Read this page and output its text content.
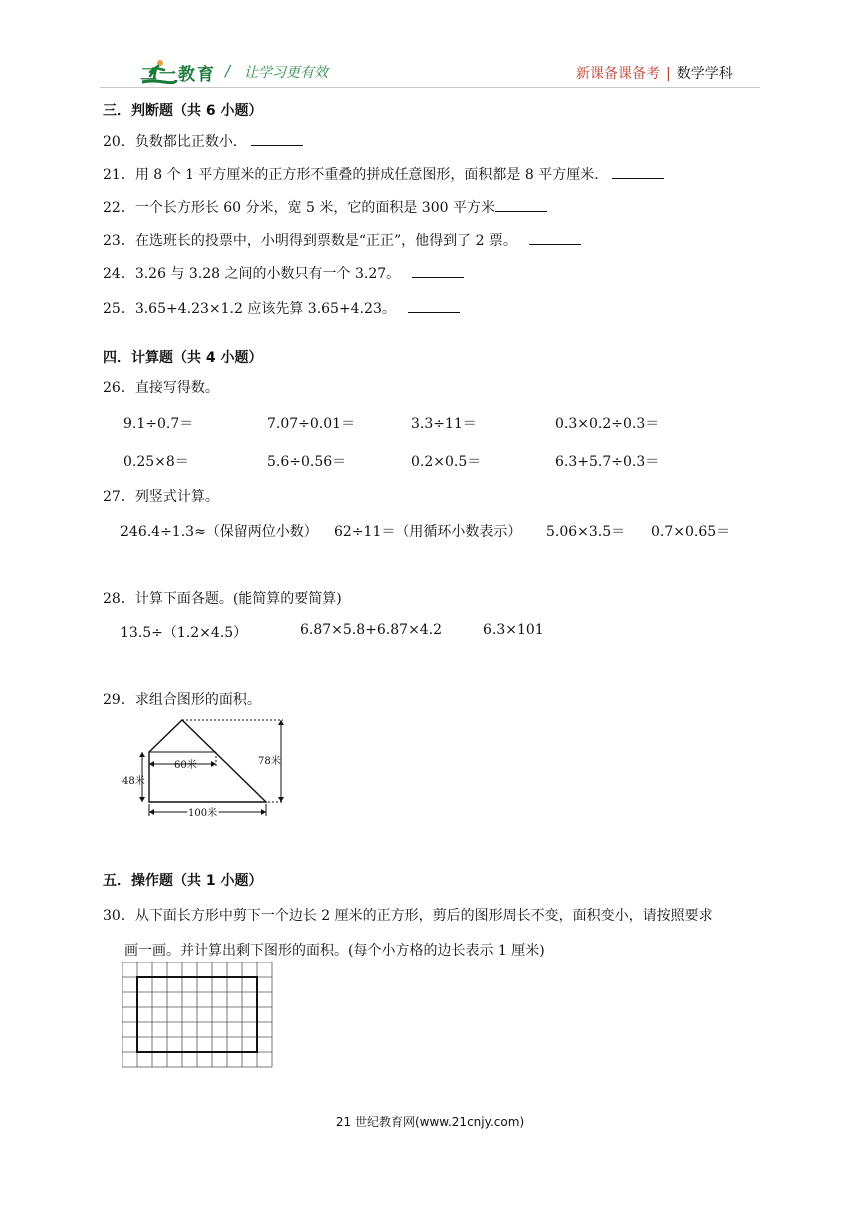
二一教育 / 让学习更有效	新课备课备考 | 数学学科
三．判断题（共 6 小题）
20．负数都比正数小．
21．用 8 个 1 平方厘米的正方形不重叠的拼成任意图形，面积都是 8 平方厘米．
22．一个长方形长 60 分米，宽 5 米，它的面积是 300 平方米
23．在选班长的投票中，小明得到票数是“正正”，他得到了 2 票。
24．3.26 与 3.28 之间的小数只有一个 3.27。
25．3.65+4.23×1.2 应该先算 3.65+4.23。
四．计算题（共 4 小题）
26．直接写得数。
9.1÷0.7＝	7.07÷0.01＝	3.3÷11＝	0.3×0.2÷0.3＝
0.25×8＝	5.6÷0.56＝	0.2×0.5＝	6.3+5.7÷0.3＝
27．列竖式计算。
246.4÷1.3≈（保留两位小数） 62÷11＝（用循环小数表示） 5.06×3.5＝ 0.7×0.65＝
28．计算下面各题。(能简算的要简算)
13.5÷（1.2×4.5）	6.87×5.8+6.87×4.2	6.3×101
29．求组合图形的面积。
60米	78米
48米
100米
五．操作题（共 1 小题）
30．从下面长方形中剪下一个边长 2 厘米的正方形，剪后的图形周长不变，面积变小，请按照要求
画一画。并计算出剩下图形的面积。(每个小方格的边长表示 1 厘米)
21 世纪教育网(www.21cnjy.com)
